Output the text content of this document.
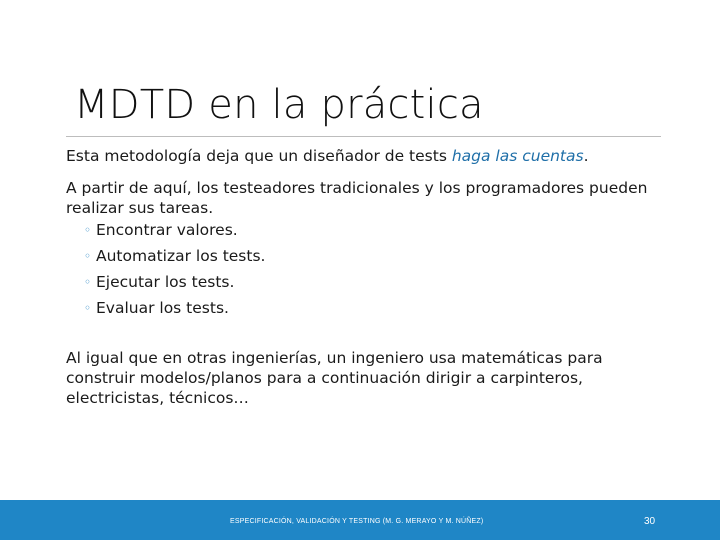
MDTD en la práctica

Esta metodología deja que un diseñador de tests haga las cuentas.

A partir de aquí, los testeadores tradicionales y los programadores pueden realizar sus tareas.

◦ Encontrar valores.
◦ Automatizar los tests.
◦ Ejecutar los tests.
◦ Evaluar los tests.

Al igual que en otras ingenierías, un ingeniero usa matemáticas para construir modelos/planos para a continuación dirigir a carpinteros, electricistas, técnicos…

ESPECIFICACIÓN, VALIDACIÓN Y TESTING (M. G. MERAYO Y M. NÚÑEZ)	30
